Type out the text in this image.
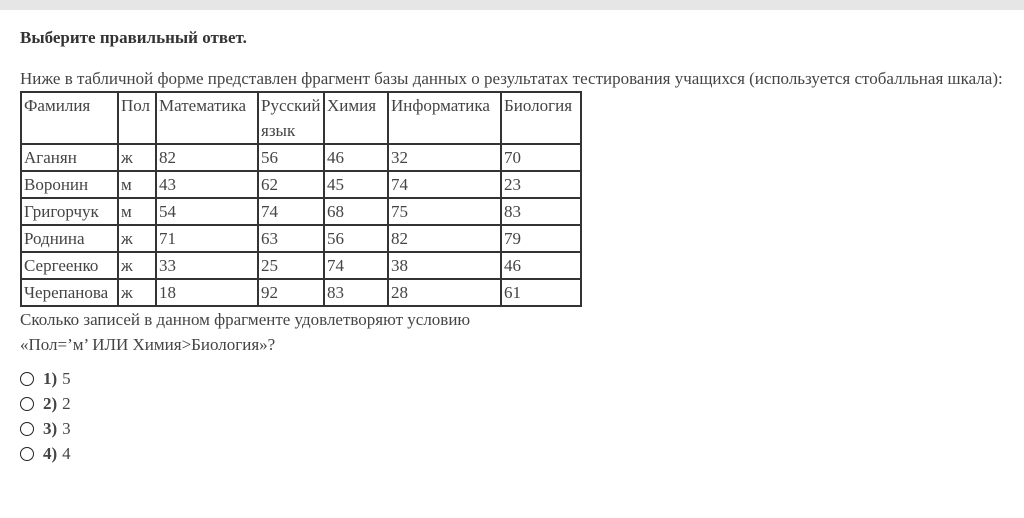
Выберите правильный ответ.

Ниже в табличной форме представлен фрагмент базы данных о результатах тестирования учащихся (используется стобалльная шкала):
Фамилия	Пол	Математика	Русский язык	Химия	Информатика	Биология
Аганян	ж	82	56	46	32	70
Воронин	м	43	62	45	74	23
Григорчук	м	54	74	68	75	83
Роднина	ж	71	63	56	82	79
Сергеенко	ж	33	25	74	38	46
Черепанова	ж	18	92	83	28	61
Сколько записей в данном фрагменте удовлетворяют условию
«Пол=’м’ ИЛИ Химия>Биология»?
1) 5
2) 2
3) 3
4) 4
